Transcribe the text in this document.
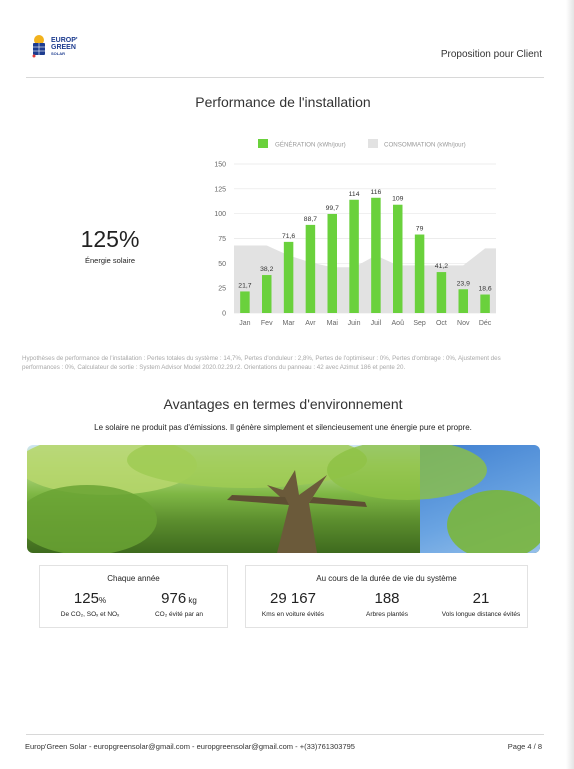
EUROP'
GREEN
SOLAR	Proposition pour Client
Performance de l'installation
125%
Énergie solaire
0
25
50
75
100
125
150
21,7
38,2
71,6
88,7
99,7
114 116
109
79
41,2
23,9
18,6
Jan Fev Mar Avr Mai Juin Juil Aoû Sep Oct Nov Déc
GÉNÉRATION (kWh/jour)	CONSOMMATION (kWh/jour)
Hypothèses de performance de l'installation : Pertes totales du système : 14,7%, Pertes d'onduleur : 2,8%, Pertes de l'optimiseur : 0%, Pertes d'ombrage : 0%, Ajustement des performances : 0%, Calculateur de sortie : System Advisor Model 2020.02.29.r2. Orientations du panneau : 42 avec Azimut 186 et pente 20.
Avantages en termes d'environnement
Le solaire ne produit pas d'émissions. Il génère simplement et silencieusement une énergie pure et propre.
Chaque année
125%
De CO₂, SOₓ et NOₓ
976 kg
CO₂ évité par an
Au cours de la durée de vie du système
29 167
Kms en voiture évités
188
Arbres plantés
21
Vols longue distance évités
Europ'Green Solar - europgreensolar@gmail.com - europgreensolar@gmail.com - +(33)761303795	Page 4 / 8
